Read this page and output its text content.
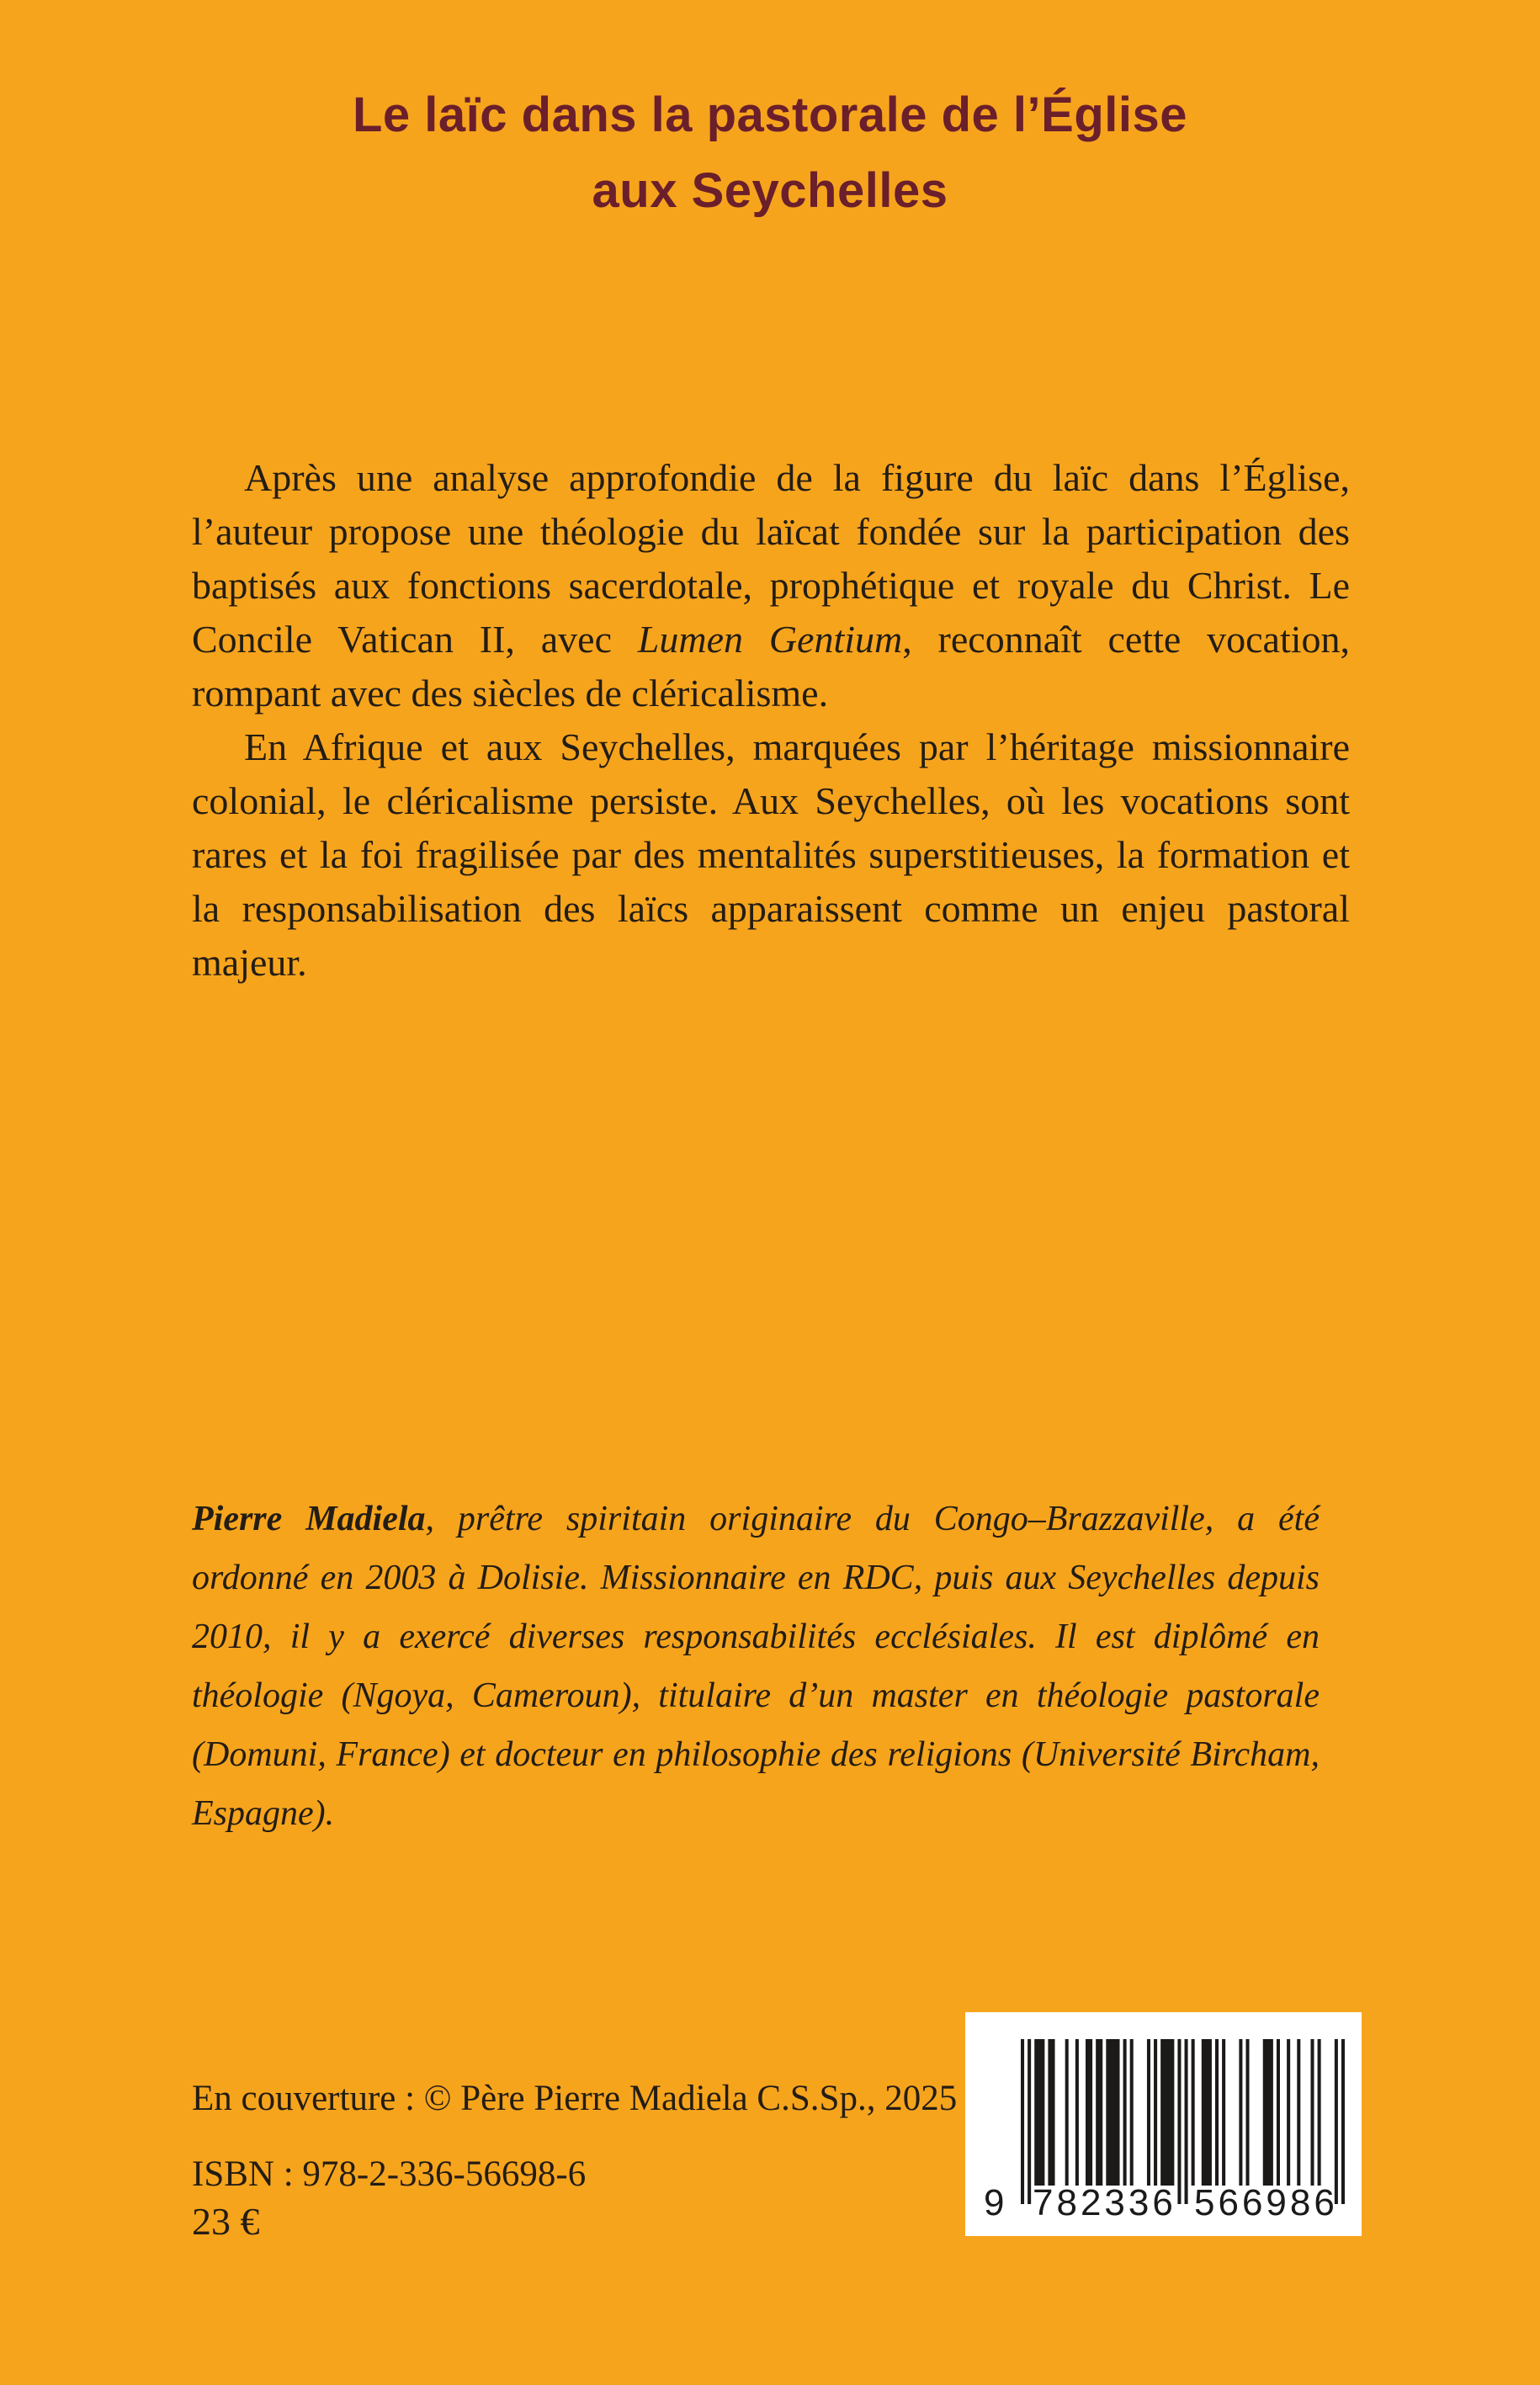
Le laïc dans la pastorale de l’Église
aux Seychelles

Après une analyse approfondie de la figure du laïc dans l’Église, l’auteur propose une théologie du laïcat fondée sur la participation des baptisés aux fonctions sacerdotale, prophétique et royale du Christ. Le Concile Vatican II, avec Lumen Gentium, reconnaît cette vocation, rompant avec des siècles de cléricalisme.

En Afrique et aux Seychelles, marquées par l’héritage missionnaire colonial, le cléricalisme persiste. Aux Seychelles, où les vocations sont rares et la foi fragilisée par des mentalités superstitieuses, la formation et la responsabilisation des laïcs apparaissent comme un enjeu pastoral majeur.

Pierre Madiela, prêtre spiritain originaire du Congo–Brazzaville, a été ordonné en 2003 à Dolisie. Missionnaire en RDC, puis aux Seychelles depuis 2010, il y a exercé diverses responsabilités ecclésiales. Il est diplômé en théologie (Ngoya, Cameroun), titulaire d’un master en théologie pastorale (Domuni, France) et docteur en philosophie des religions (Université Bircham, Espagne).

En couverture : © Père Pierre Madiela C.S.Sp., 2025
ISBN : 978-2-336-56698-6
23 €	9 782336 566986
